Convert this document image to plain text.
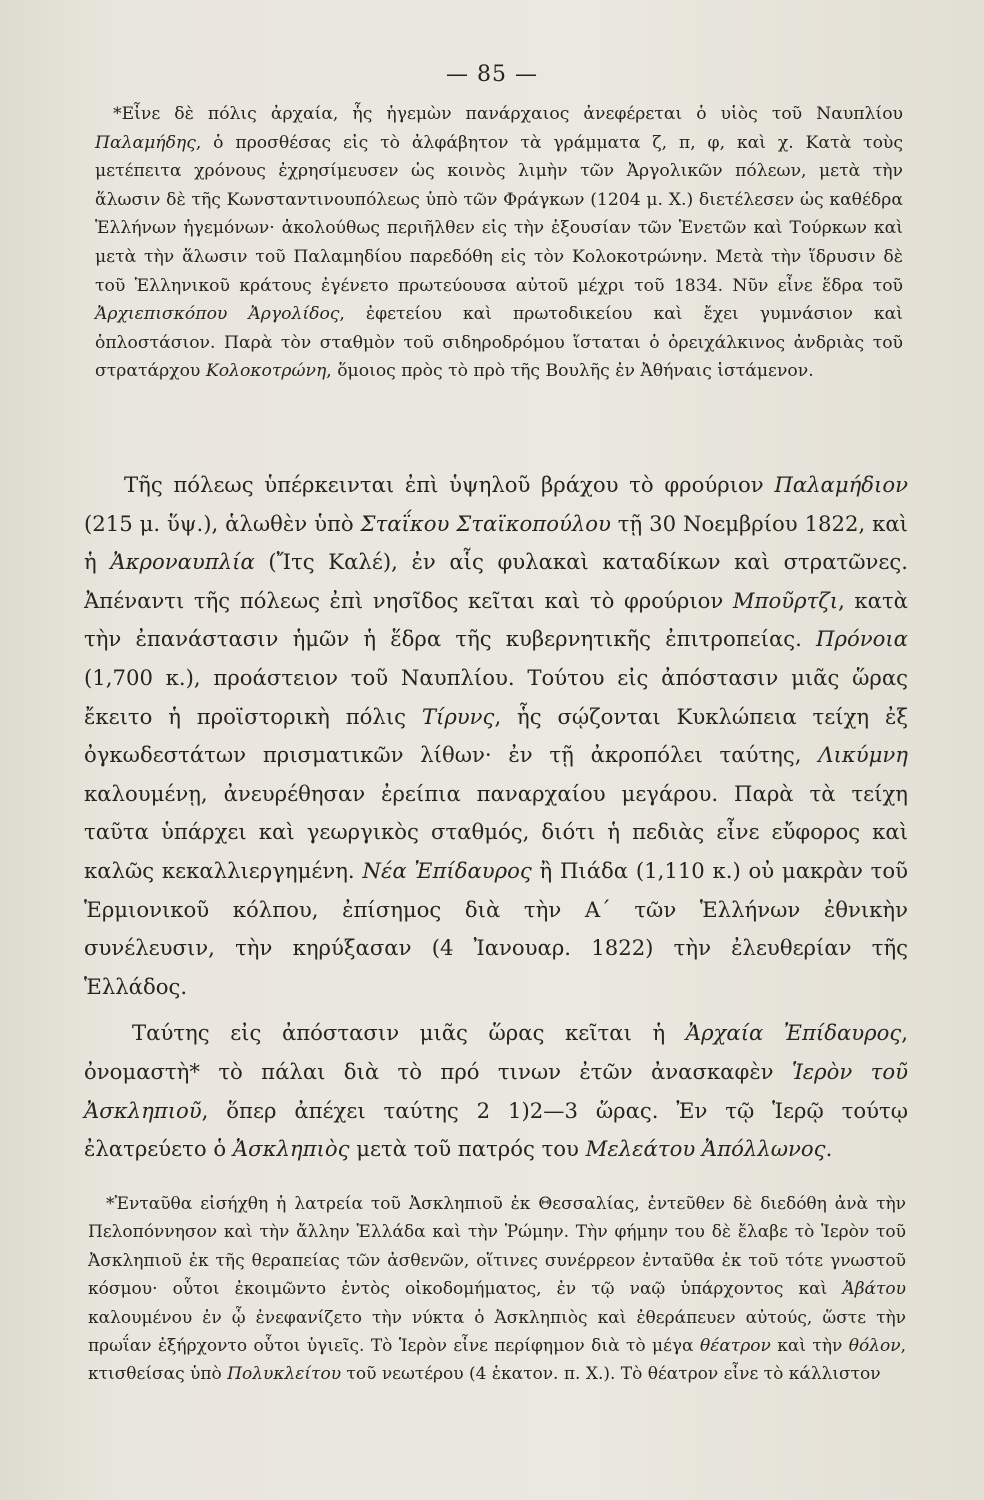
— 85 —

*Εἶνε δὲ πόλις ἀρχαία, ἧς ἡγεμὼν πανάρχαιος ἀνεφέρεται ὁ υἱὸς τοῦ Ναυπλίου Παλαμήδης, ὁ προσθέσας εἰς τὸ ἀλφάβητον τὰ γράμματα ζ, π, φ, καὶ χ. Κατὰ τοὺς μετέπειτα χρόνους ἐχρησίμευσεν ὡς κοινὸς λιμὴν τῶν Ἀργολικῶν πόλεων, μετὰ τὴν ἅλωσιν δὲ τῆς Κωνσταντινουπόλεως ὑπὸ τῶν Φράγκων (1204 μ. Χ.) διετέλεσεν ὡς καθέδρα Ἑλλήνων ἡγεμόνων· ἀκολούθως περιῆλθεν εἰς τὴν ἐξουσίαν τῶν Ἑνετῶν καὶ Τούρκων καὶ μετὰ τὴν ἅλωσιν τοῦ Παλαμηδίου παρεδόθη εἰς τὸν Κολοκοτρώνην. Μετὰ τὴν ἵδρυσιν δὲ τοῦ Ἑλληνικοῦ κράτους ἐγένετο πρωτεύουσα αὐτοῦ μέχρι τοῦ 1834. Νῦν εἶνε ἕδρα τοῦ Ἀρχιεπισκόπου Ἀργολίδος, ἐφετείου καὶ πρωτοδικείου καὶ ἔχει γυμνάσιον καὶ ὁπλοστάσιον. Παρὰ τὸν σταθμὸν τοῦ σιδηροδρόμου ἵσταται ὁ ὀρειχάλκινος ἀνδριὰς τοῦ στρατάρχου Κολοκοτρώνη, ὅμοιος πρὸς τὸ πρὸ τῆς Βουλῆς ἐν Ἀθήναις ἱστάμενον.

Τῆς πόλεως ὑπέρκεινται ἐπὶ ὑψηλοῦ βράχου τὸ φρούριον Παλαμήδιον (215 μ. ὕψ.), ἁλωθὲν ὑπὸ Σταΐκου Σταϊκοπούλου τῇ 30 Νοεμβρίου 1822, καὶ ἡ Ἀκροναυπλία (Ἴτς Καλέ), ἐν αἷς φυλακαὶ καταδίκων καὶ στρατῶνες. Ἀπέναντι τῆς πόλεως ἐπὶ νησῖδος κεῖται καὶ τὸ φρούριον Μποῦρτζι, κατὰ τὴν ἐπανάστασιν ἡμῶν ἡ ἕδρα τῆς κυβερνητικῆς ἐπιτροπείας. Πρόνοια (1,700 κ.), προάστειον τοῦ Ναυπλίου. Τούτου εἰς ἀπόστασιν μιᾶς ὥρας ἔκειτο ἡ προϊστορικὴ πόλις Τίρυνς, ἧς σῴζονται Κυκλώπεια τείχη ἐξ ὀγκωδεστάτων πρισματικῶν λίθων· ἐν τῇ ἀκροπόλει ταύτης, Λικύμνη καλουμένῃ, ἀνευρέθησαν ἐρείπια παναρχαίου μεγάρου. Παρὰ τὰ τείχη ταῦτα ὑπάρχει καὶ γεωργικὸς σταθμός, διότι ἡ πεδιὰς εἶνε εὔφορος καὶ καλῶς κεκαλλιεργημένη. Νέα Ἐπίδαυρος ἢ Πιάδα (1,110 κ.) οὐ μακρὰν τοῦ Ἑρμιονικοῦ κόλπου, ἐπίσημος διὰ τὴν Α΄ τῶν Ἑλλήνων ἐθνικὴν συνέλευσιν, τὴν κηρύξασαν (4 Ἰανουαρ. 1822) τὴν ἐλευθερίαν τῆς Ἑλλάδος.

Ταύτης εἰς ἀπόστασιν μιᾶς ὥρας κεῖται ἡ Ἀρχαία Ἐπίδαυρος, ὀνομαστὴ* τὸ πάλαι διὰ τὸ πρό τινων ἐτῶν ἀνασκαφὲν Ἱερὸν τοῦ Ἀσκληπιοῦ, ὅπερ ἀπέχει ταύτης 2 1)2—3 ὥρας. Ἐν τῷ Ἱερῷ τούτῳ ἐλατρεύετο ὁ Ἀσκληπιὸς μετὰ τοῦ πατρός του Μελεάτου Ἀπόλλωνος.

*Ἐνταῦθα εἰσήχθη ἡ λατρεία τοῦ Ἀσκληπιοῦ ἐκ Θεσσαλίας, ἐντεῦθεν δὲ διεδόθη ἀνὰ τὴν Πελοπόννησον καὶ τὴν ἄλλην Ἑλλάδα καὶ τὴν Ῥώμην. Τὴν φήμην του δὲ ἔλαβε τὸ Ἱερὸν τοῦ Ἀσκληπιοῦ ἐκ τῆς θεραπείας τῶν ἀσθενῶν, οἵτινες συνέρρεον ἐνταῦθα ἐκ τοῦ τότε γνωστοῦ κόσμου· οὗτοι ἐκοιμῶντο ἐντὸς οἰκοδομήματος, ἐν τῷ ναῷ ὑπάρχοντος καὶ Ἀβάτου καλουμένου ἐν ᾧ ἐνεφανίζετο τὴν νύκτα ὁ Ἀσκληπιὸς καὶ ἐθεράπευεν αὐτούς, ὥστε τὴν πρωΐαν ἐξήρχοντο οὗτοι ὑγιεῖς. Τὸ Ἱερὸν εἶνε περίφημον διὰ τὸ μέγα θέατρον καὶ τὴν θόλον, κτισθείσας ὑπὸ Πολυκλείτου τοῦ νεωτέρου (4 ἑκατον. π. Χ.). Τὸ θέατρον εἶνε τὸ κάλλιστον
